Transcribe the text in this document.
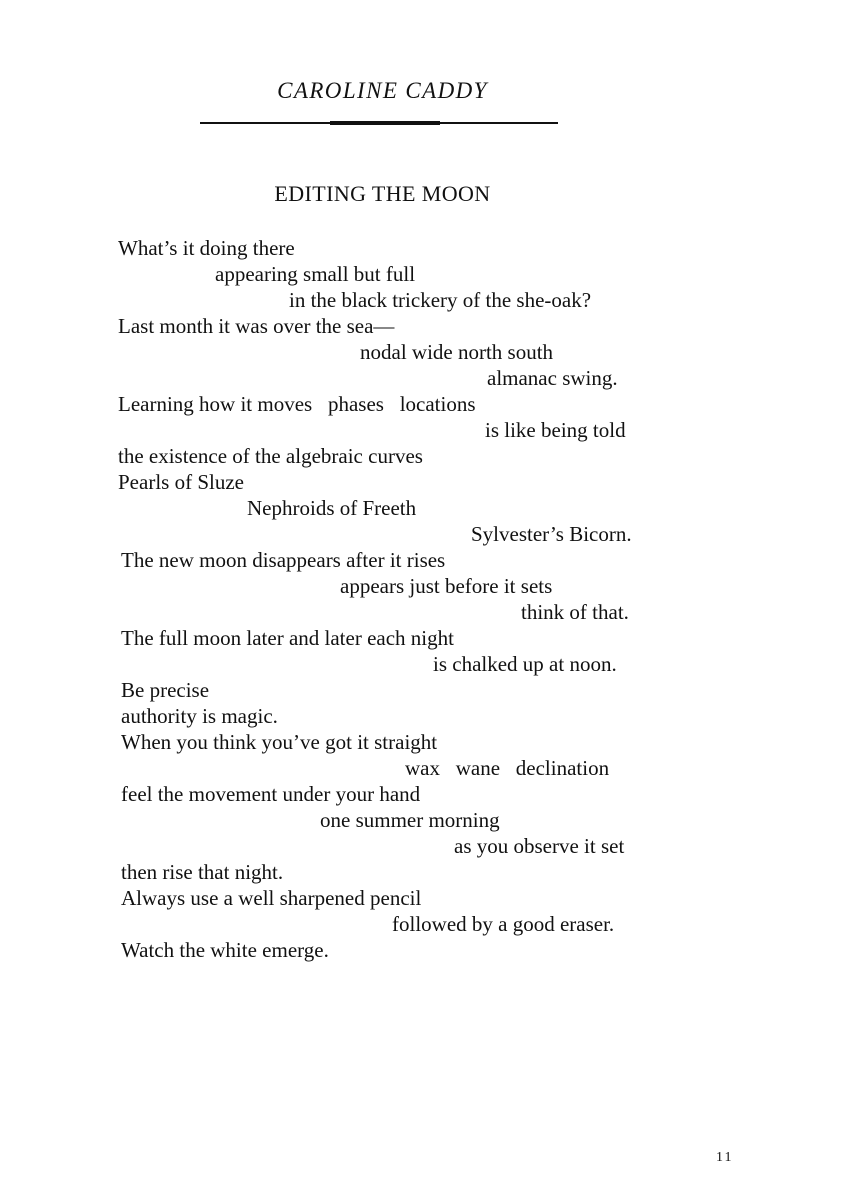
CAROLINE CADDY
EDITING THE MOON
What’s it doing there
appearing small but full
in the black trickery of the she-oak?
Last month it was over the sea—
nodal wide north south
almanac swing.
Learning how it moves   phases   locations
is like being told
the existence of the algebraic curves
Pearls of Sluze
Nephroids of Freeth
Sylvester’s Bicorn.
The new moon disappears after it rises
appears just before it sets
think of that.
The full moon later and later each night
is chalked up at noon.
Be precise
authority is magic.
When you think you’ve got it straight
wax   wane   declination
feel the movement under your hand
one summer morning
as you observe it set
then rise that night.
Always use a well sharpened pencil
followed by a good eraser.
Watch the white emerge.
11
